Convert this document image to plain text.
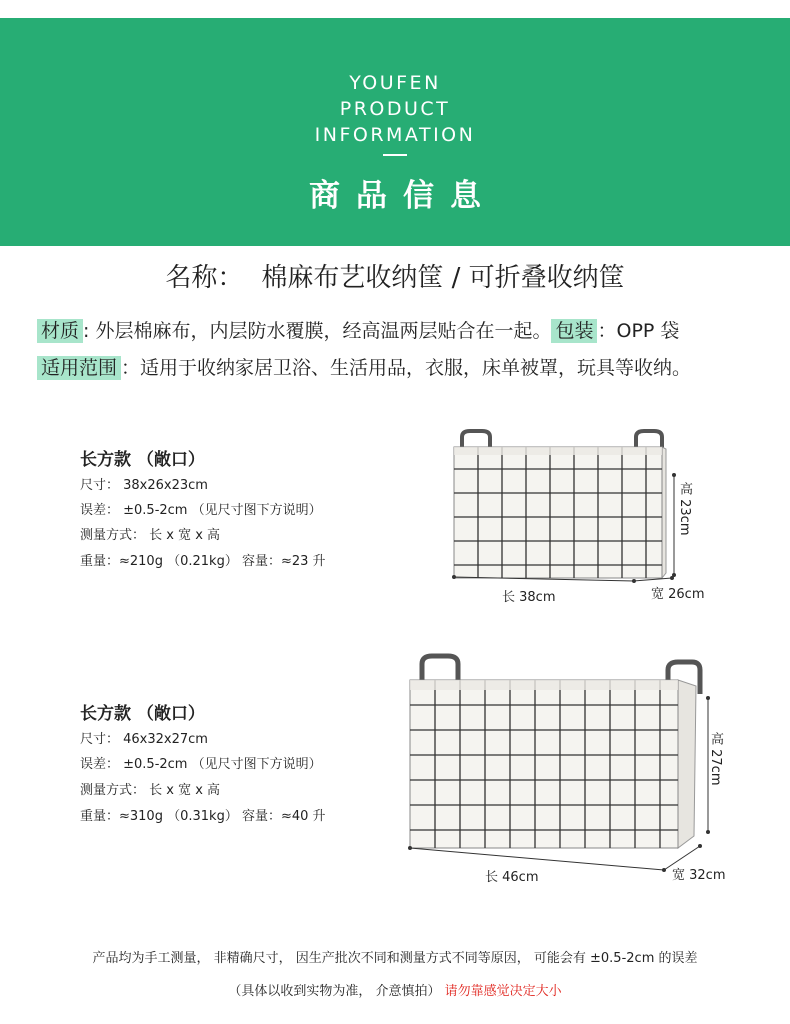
YOUFEN
PRODUCT
INFORMATION
商品信息
名称： 棉麻布艺收纳筐 / 可折叠收纳筐
材质 : 外层棉麻布，内层防水覆膜，经高温两层贴合在一起。 包装 ：OPP 袋
适用范围 ：适用于收纳家居卫浴、生活用品，衣服，床单被罩，玩具等收纳。
长方款 （敞口）
尺寸： 38x26x23cm
误差： ±0.5-2cm （见尺寸图下方说明）
测量方式： 长 x 宽 x 高
重量：≈210g （0.21kg） 容量：≈23 升
长 38cm	宽 26cm
高 23cm
长方款 （敞口）
尺寸： 46x32x27cm
误差： ±0.5-2cm （见尺寸图下方说明）
测量方式： 长 x 宽 x 高
重量：≈310g （0.31kg） 容量：≈40 升
长 46cm	宽 32cm
高 27cm
产品均为手工测量， 非精确尺寸， 因生产批次不同和测量方式不同等原因， 可能会有 ±0.5-2cm 的误差
（具体以收到实物为准， 介意慎拍） 请勿靠感觉决定大小
